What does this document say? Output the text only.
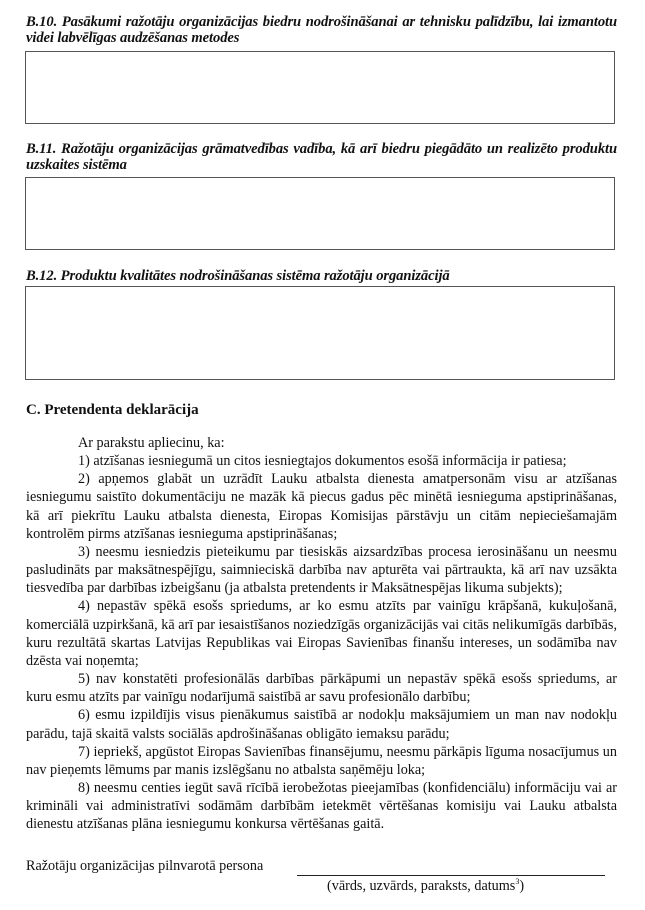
B.10. Pasākumi ražotāju organizācijas biedru nodrošināšanai ar tehnisku palīdzību, lai izmantotu videi labvēlīgas audzēšanas metodes
B.11. Ražotāju organizācijas grāmatvedības vadība, kā arī biedru piegādāto un realizēto produktu uzskaites sistēma
B.12. Produktu kvalitātes nodrošināšanas sistēma ražotāju organizācijā
C. Pretendenta deklarācija

Ar parakstu apliecinu, ka:

1) atzīšanas iesniegumā un citos iesniegtajos dokumentos esošā informācija ir patiesa;

2) apņemos glabāt un uzrādīt Lauku atbalsta dienesta amatpersonām visu ar atzīšanas iesniegumu saistīto dokumentāciju ne mazāk kā piecus gadus pēc minētā iesnieguma apstiprināšanas, kā arī piekrītu Lauku atbalsta dienesta, Eiropas Komisijas pārstāvju un citām nepieciešamajām kontrolēm pirms atzīšanas iesnieguma apstiprināšanas;

3) neesmu iesniedzis pieteikumu par tiesiskās aizsardzības procesa ierosināšanu un neesmu pasludināts par maksātnespējīgu, saimnieciskā darbība nav apturēta vai pārtraukta, kā arī nav uzsākta tiesvedība par darbības izbeigšanu (ja atbalsta pretendents ir Maksātnespējas likuma subjekts);

4) nepastāv spēkā esošs spriedums, ar ko esmu atzīts par vainīgu krāpšanā, kukuļošanā, komerciālā uzpirkšanā, kā arī par iesaistīšanos noziedzīgās organizācijās vai citās nelikumīgās darbībās, kuru rezultātā skartas Latvijas Republikas vai Eiropas Savienības finanšu intereses, un sodāmība nav dzēsta vai noņemta;

5) nav konstatēti profesionālās darbības pārkāpumi un nepastāv spēkā esošs spriedums, ar kuru esmu atzīts par vainīgu nodarījumā saistībā ar savu profesionālo darbību;

6) esmu izpildījis visus pienākumus saistībā ar nodokļu maksājumiem un man nav nodokļu parādu, tajā skaitā valsts sociālās apdrošināšanas obligāto iemaksu parādu;

7) iepriekš, apgūstot Eiropas Savienības finansējumu, neesmu pārkāpis līguma nosacījumus un nav pieņemts lēmums par manis izslēgšanu no atbalsta saņēmēju loka;

8) neesmu centies iegūt savā rīcībā ierobežotas pieejamības (konfidenciālu) informāciju vai ar krimināli vai administratīvi sodāmām darbībām ietekmēt vērtēšanas komisiju vai Lauku atbalsta dienestu atzīšanas plāna iesniegumu konkursa vērtēšanas gaitā.

Ražotāju organizācijas pilnvarotā persona
(vārds, uzvārds, paraksts, datums$^3$)
